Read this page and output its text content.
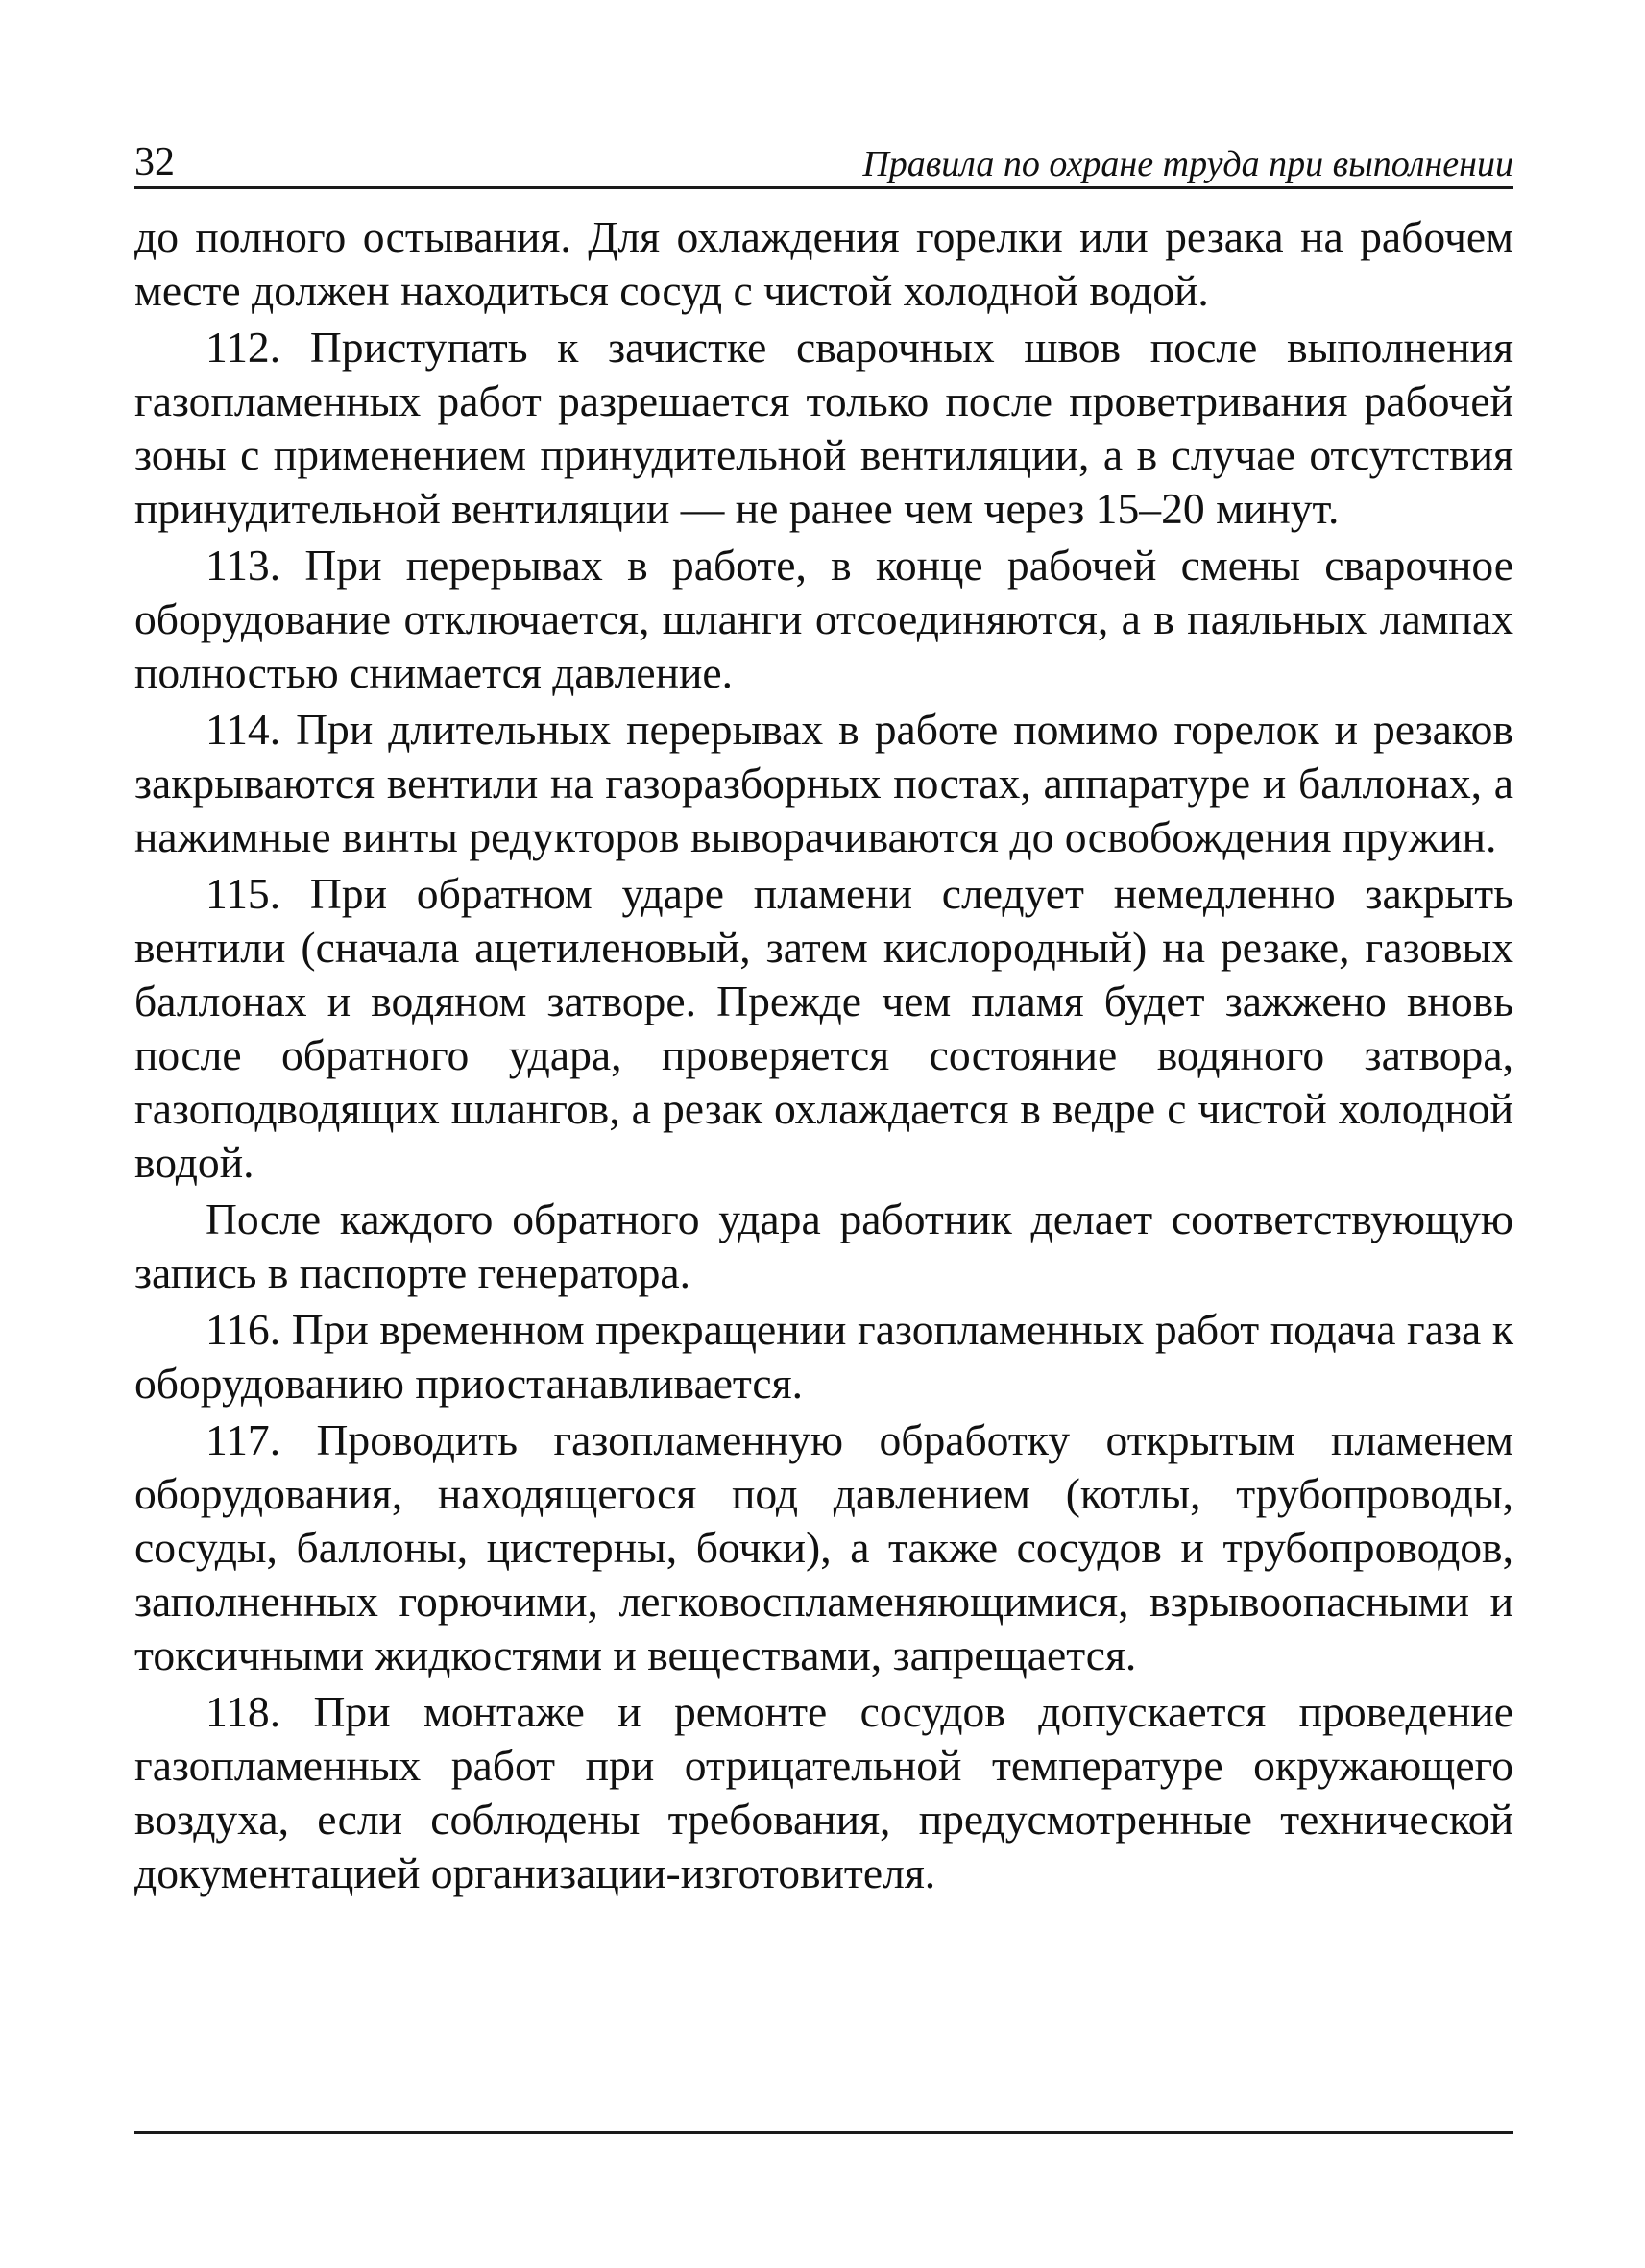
32	Правила по охране труда при выполнении

до полного остывания. Для охлаждения горелки или резака на рабочем месте должен находиться сосуд с чистой холодной водой.

112. Приступать к зачистке сварочных швов после выполнения газопламенных работ разрешается только после проветривания рабочей зоны с применением принудительной вентиляции, а в случае отсутствия принудительной вентиляции — не ранее чем через 15–20 минут.

113. При перерывах в работе, в конце рабочей смены сварочное оборудование отключается, шланги отсоединяются, а в паяльных лампах полностью снимается давление.

114. При длительных перерывах в работе помимо горелок и резаков закрываются вентили на газоразборных постах, аппаратуре и баллонах, а нажимные винты редукторов выворачиваются до освобождения пружин.

115. При обратном ударе пламени следует немедленно закрыть вентили (сначала ацетиленовый, затем кислородный) на резаке, газовых баллонах и водяном затворе. Прежде чем пламя будет зажжено вновь после обратного удара, проверяется состояние водяного затвора, газоподводящих шлангов, а резак охлаждается в ведре с чистой холодной водой.

После каждого обратного удара работник делает соответствующую запись в паспорте генератора.

116. При временном прекращении газопламенных работ подача газа к оборудованию приостанавливается.

117. Проводить газопламенную обработку открытым пламенем оборудования, находящегося под давлением (котлы, трубопроводы, сосуды, баллоны, цистерны, бочки), а также сосудов и трубопроводов, заполненных горючими, легковоспламеняющимися, взрывоопасными и токсичными жидкостями и веществами, запрещается.

118. При монтаже и ремонте сосудов допускается проведение газопламенных работ при отрицательной температуре окружающего воздуха, если соблюдены требования, предусмотренные технической документацией организации-изготовителя.
